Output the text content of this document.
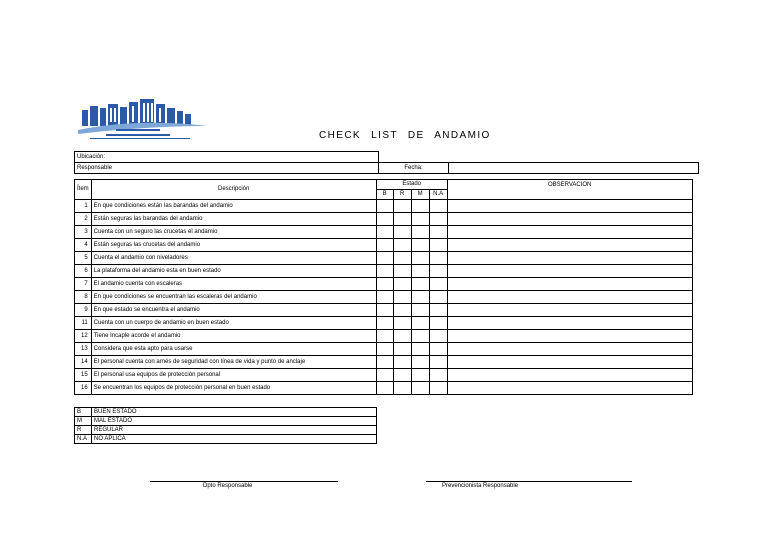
CHECK LIST DE ANDAMIO
Ubicación:	
Responsable	Fecha:	
Ítem	Descripción	Estado				OBSERVACION
		B	R	M	N.A	
1	En que condiciones están las barandas del andamio					
2	Están seguras las barandas del andamio					
3	Cuenta con un seguro las crucetas el andamio					
4	Están seguras las crucetas del andamio					
5	Cuenta el andamio con niveladores					
6	La plataforma del andamio esta en buen estado					
7	El andamio cuenta con escaleras					
8	En que condiciones se encuentran las escaleras del andamio					
9	En que estado se encuentra el andamio					
11	Cuenta con un cuerpo de andamio en buen estado					
12	Tiene Incaple acorde el andamio					
13	Considera que esta apto para usarse					
14	El personal cuenta con arnés de seguridad con línea de vida y punto de anclaje					
15	El personal usa equipos de protección personal					
16	Se encuentran los equipos de protección personal en buen estado					
B	BUEN ESTADO
M	MAL ESTADO
R	REGULAR
N.A	NO APLICA
Dpto Responsable	Prevencionista Responsable
